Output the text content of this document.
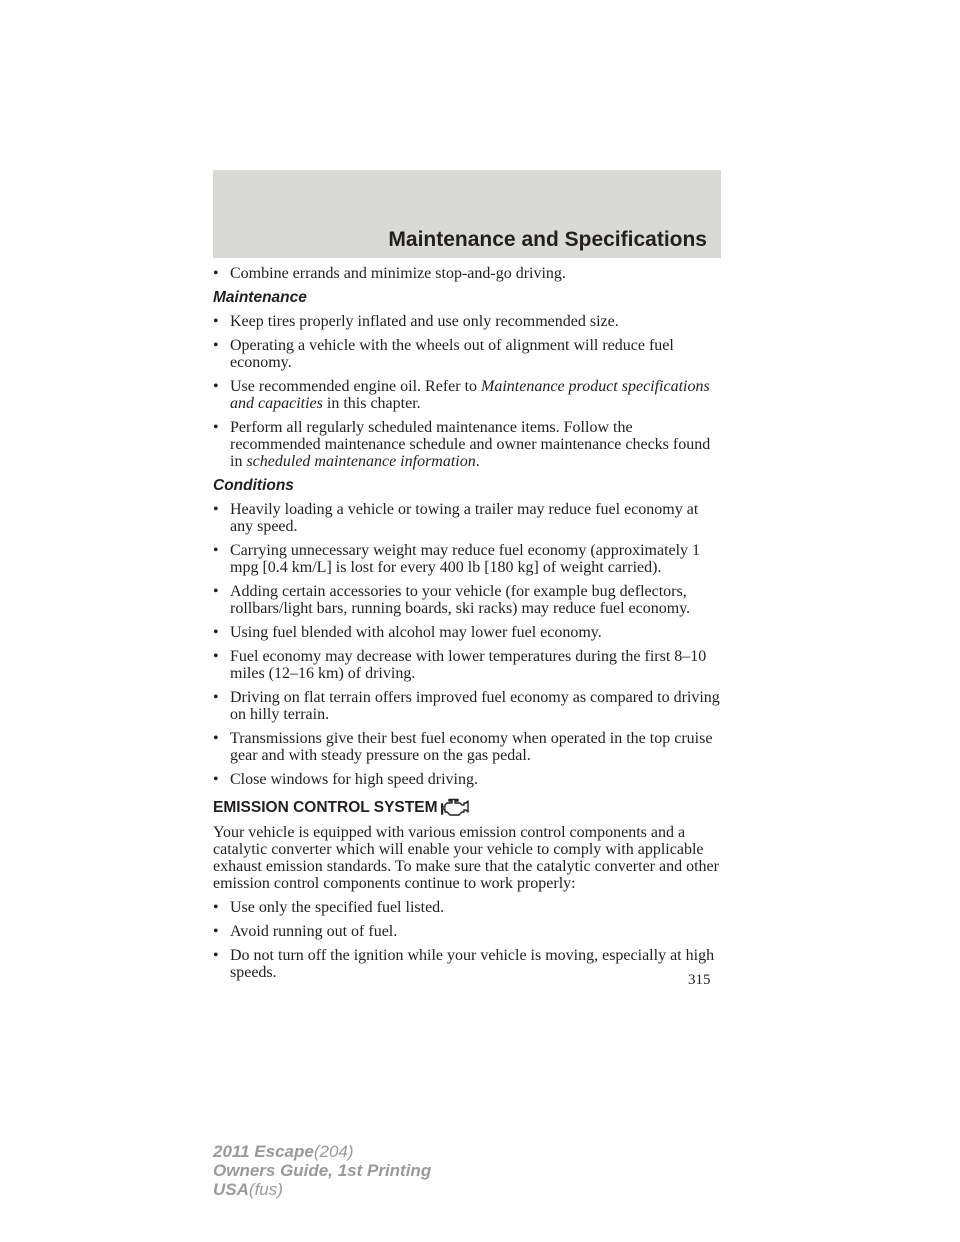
Maintenance and Specifications
• Combine errands and minimize stop-and-go driving.
Maintenance
• Keep tires properly inflated and use only recommended size.
• Operating a vehicle with the wheels out of alignment will reduce fuel economy.
• Use recommended engine oil. Refer to Maintenance product specifications and capacities in this chapter.
• Perform all regularly scheduled maintenance items. Follow the recommended maintenance schedule and owner maintenance checks found in scheduled maintenance information.
Conditions
• Heavily loading a vehicle or towing a trailer may reduce fuel economy at any speed.
• Carrying unnecessary weight may reduce fuel economy (approximately 1 mpg [0.4 km/L] is lost for every 400 lb [180 kg] of weight carried).
• Adding certain accessories to your vehicle (for example bug deflectors, rollbars/light bars, running boards, ski racks) may reduce fuel economy.
• Using fuel blended with alcohol may lower fuel economy.
• Fuel economy may decrease with lower temperatures during the first 8–10 miles (12–16 km) of driving.
• Driving on flat terrain offers improved fuel economy as compared to driving on hilly terrain.
• Transmissions give their best fuel economy when operated in the top cruise gear and with steady pressure on the gas pedal.
• Close windows for high speed driving.
EMISSION CONTROL SYSTEM
Your vehicle is equipped with various emission control components and a catalytic converter which will enable your vehicle to comply with applicable exhaust emission standards. To make sure that the catalytic converter and other emission control components continue to work properly:
• Use only the specified fuel listed.
• Avoid running out of fuel.
• Do not turn off the ignition while your vehicle is moving, especially at high speeds.	315
2011 Escape(204)
Owners Guide, 1st Printing
USA(fus)
